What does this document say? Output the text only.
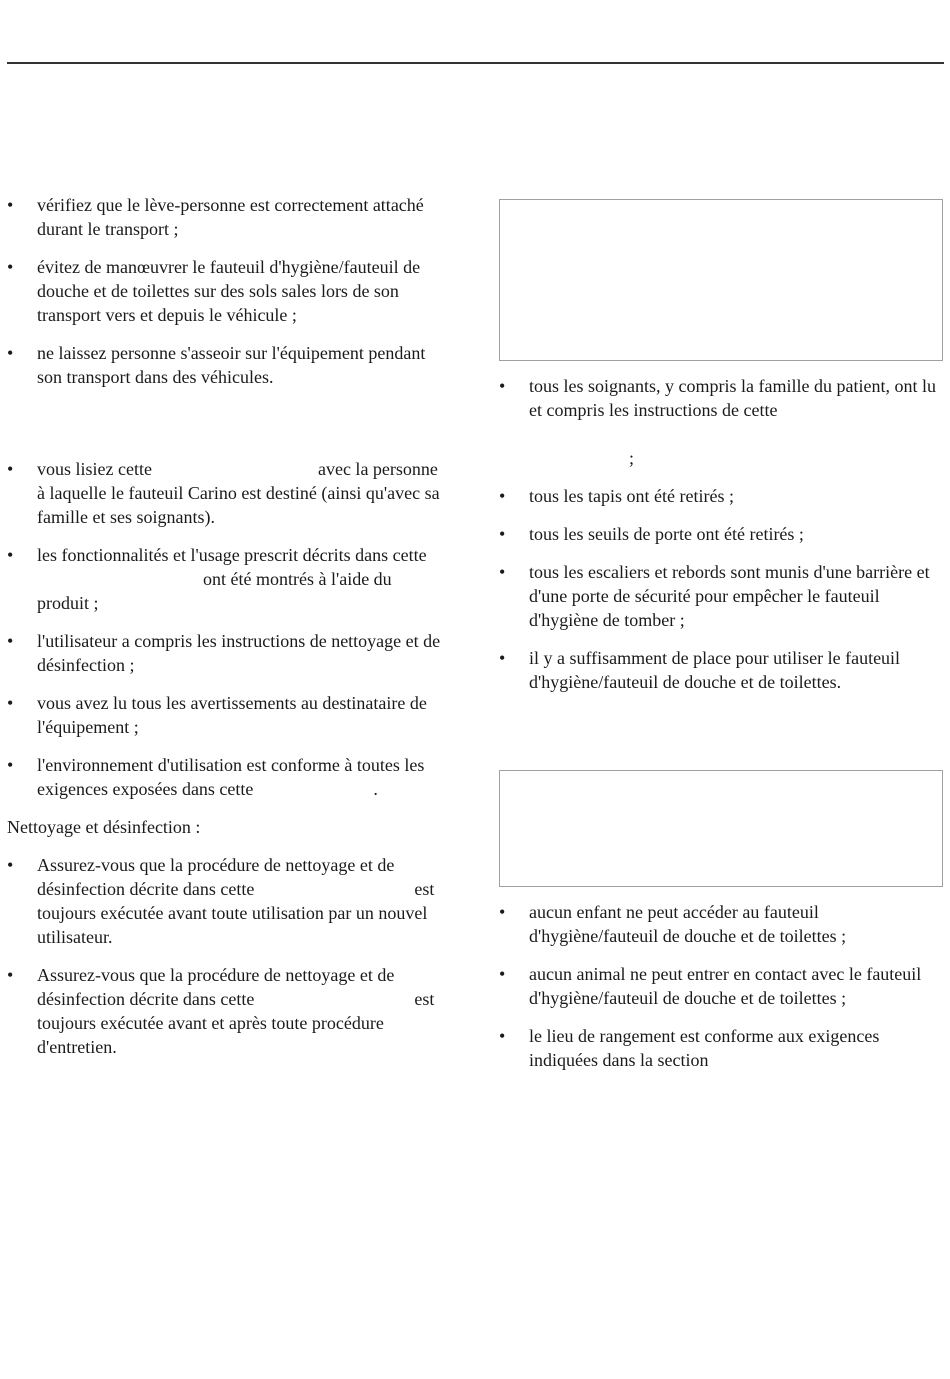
• vérifiez que le lève-personne est correctement attaché durant le transport ;
• évitez de manœuvrer le fauteuil d'hygiène/fauteuil de douche et de toilettes sur des sols sales lors de son transport vers et depuis le véhicule ;
• ne laissez personne s'asseoir sur l'équipement pendant son transport dans des véhicules.
• vous lisiez cette	avec la personne à laquelle le fauteuil Carino est destiné (ainsi qu'avec sa famille et ses soignants).
• les fonctionnalités et l'usage prescrit décrits dans cetteont été montrés à l'aide du produit ;
• l'utilisateur a compris les instructions de nettoyage et de désinfection ;
• vous avez lu tous les avertissements au destinataire de l'équipement ;
• l'environnement d'utilisation est conforme à toutes les exigences exposées dans cette	.

Nettoyage et désinfection :

• Assurez-vous que la procédure de nettoyage et de désinfection décrite dans cette	est toujours exécutée avant toute utilisation par un nouvel utilisateur.
• Assurez-vous que la procédure de nettoyage et de désinfection décrite dans cette	est toujours exécutée avant et après toute procédure d'entretien.
• tous les soignants, y compris la famille du patient, ont lu et compris les instructions de cette;
• tous les tapis ont été retirés ;
• tous les seuils de porte ont été retirés ;
• tous les escaliers et rebords sont munis d'une barrière et d'une porte de sécurité pour empêcher le fauteuil d'hygiène de tomber ;
• il y a suffisamment de place pour utiliser le fauteuil d'hygiène/fauteuil de douche et de toilettes.
• aucun enfant ne peut accéder au fauteuil d'hygiène/fauteuil de douche et de toilettes ;
• aucun animal ne peut entrer en contact avec le fauteuil d'hygiène/fauteuil de douche et de toilettes ;
• le lieu de rangement est conforme aux exigences indiquées dans la section
